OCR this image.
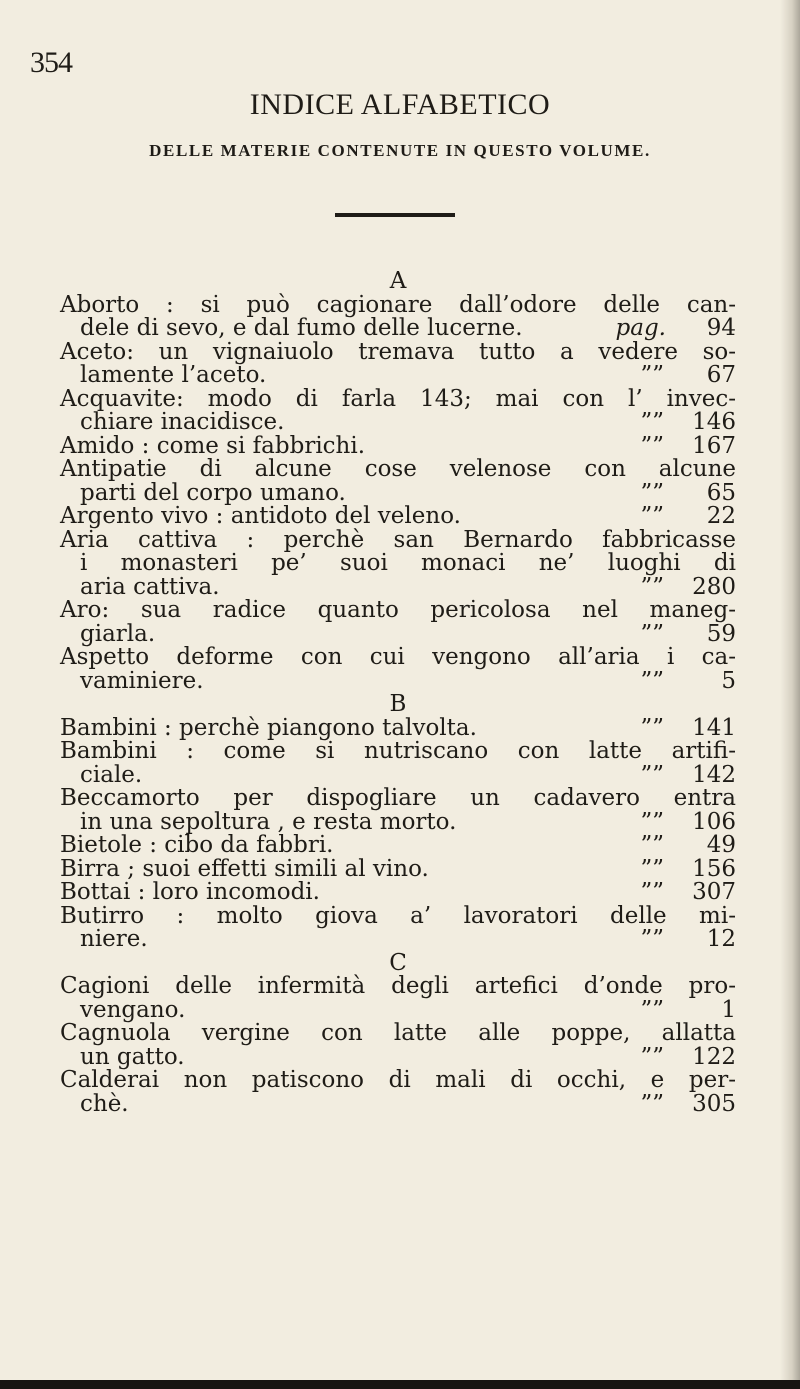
354
INDICE ALFABETICO
DELLE MATERIE CONTENUTE IN QUESTO VOLUME.
A
Aborto : si può cagionare dall’odore delle can-
dele di sevo, e dal fumo delle lucerne.	pag. 94
Aceto: un vignaiuolo tremava tutto a vedere so-
lamente l’aceto.	”” 67
Acquavite: modo di farla 143; mai con l’ invec-
chiare inacidisce.	”” 146
Amido : come si fabbrichi.	”” 167
Antipatie di alcune cose velenose con alcune
parti del corpo umano.	”” 65
Argento vivo : antidoto del veleno.	”” 22
Aria cattiva : perchè san Bernardo fabbricasse
i monasteri pe’ suoi monaci ne’ luoghi di
aria cattiva.	”” 280
Aro: sua radice quanto pericolosa nel maneg-
giarla.	”” 59
Aspetto deforme con cui vengono all’aria i ca-
vaminiere.	”” 5
B
Bambini : perchè piangono talvolta.	”” 141
Bambini : come si nutriscano con latte artifi-
ciale.	”” 142
Beccamorto per dispogliare un cadavero entra
in una sepoltura , e resta morto.	”” 106
Bietole : cibo da fabbri.	”” 49
Birra ; suoi effetti simili al vino.	”” 156
Bottai : loro incomodi.	”” 307
Butirro : molto giova a’ lavoratori delle mi-
niere.	”” 12
C
Cagioni delle infermità degli artefici d’onde pro-
vengano.	”” 1
Cagnuola vergine con latte alle poppe, allatta
un gatto.	”” 122
Calderai non patiscono di mali di occhi, e per-
chè.	”” 305
